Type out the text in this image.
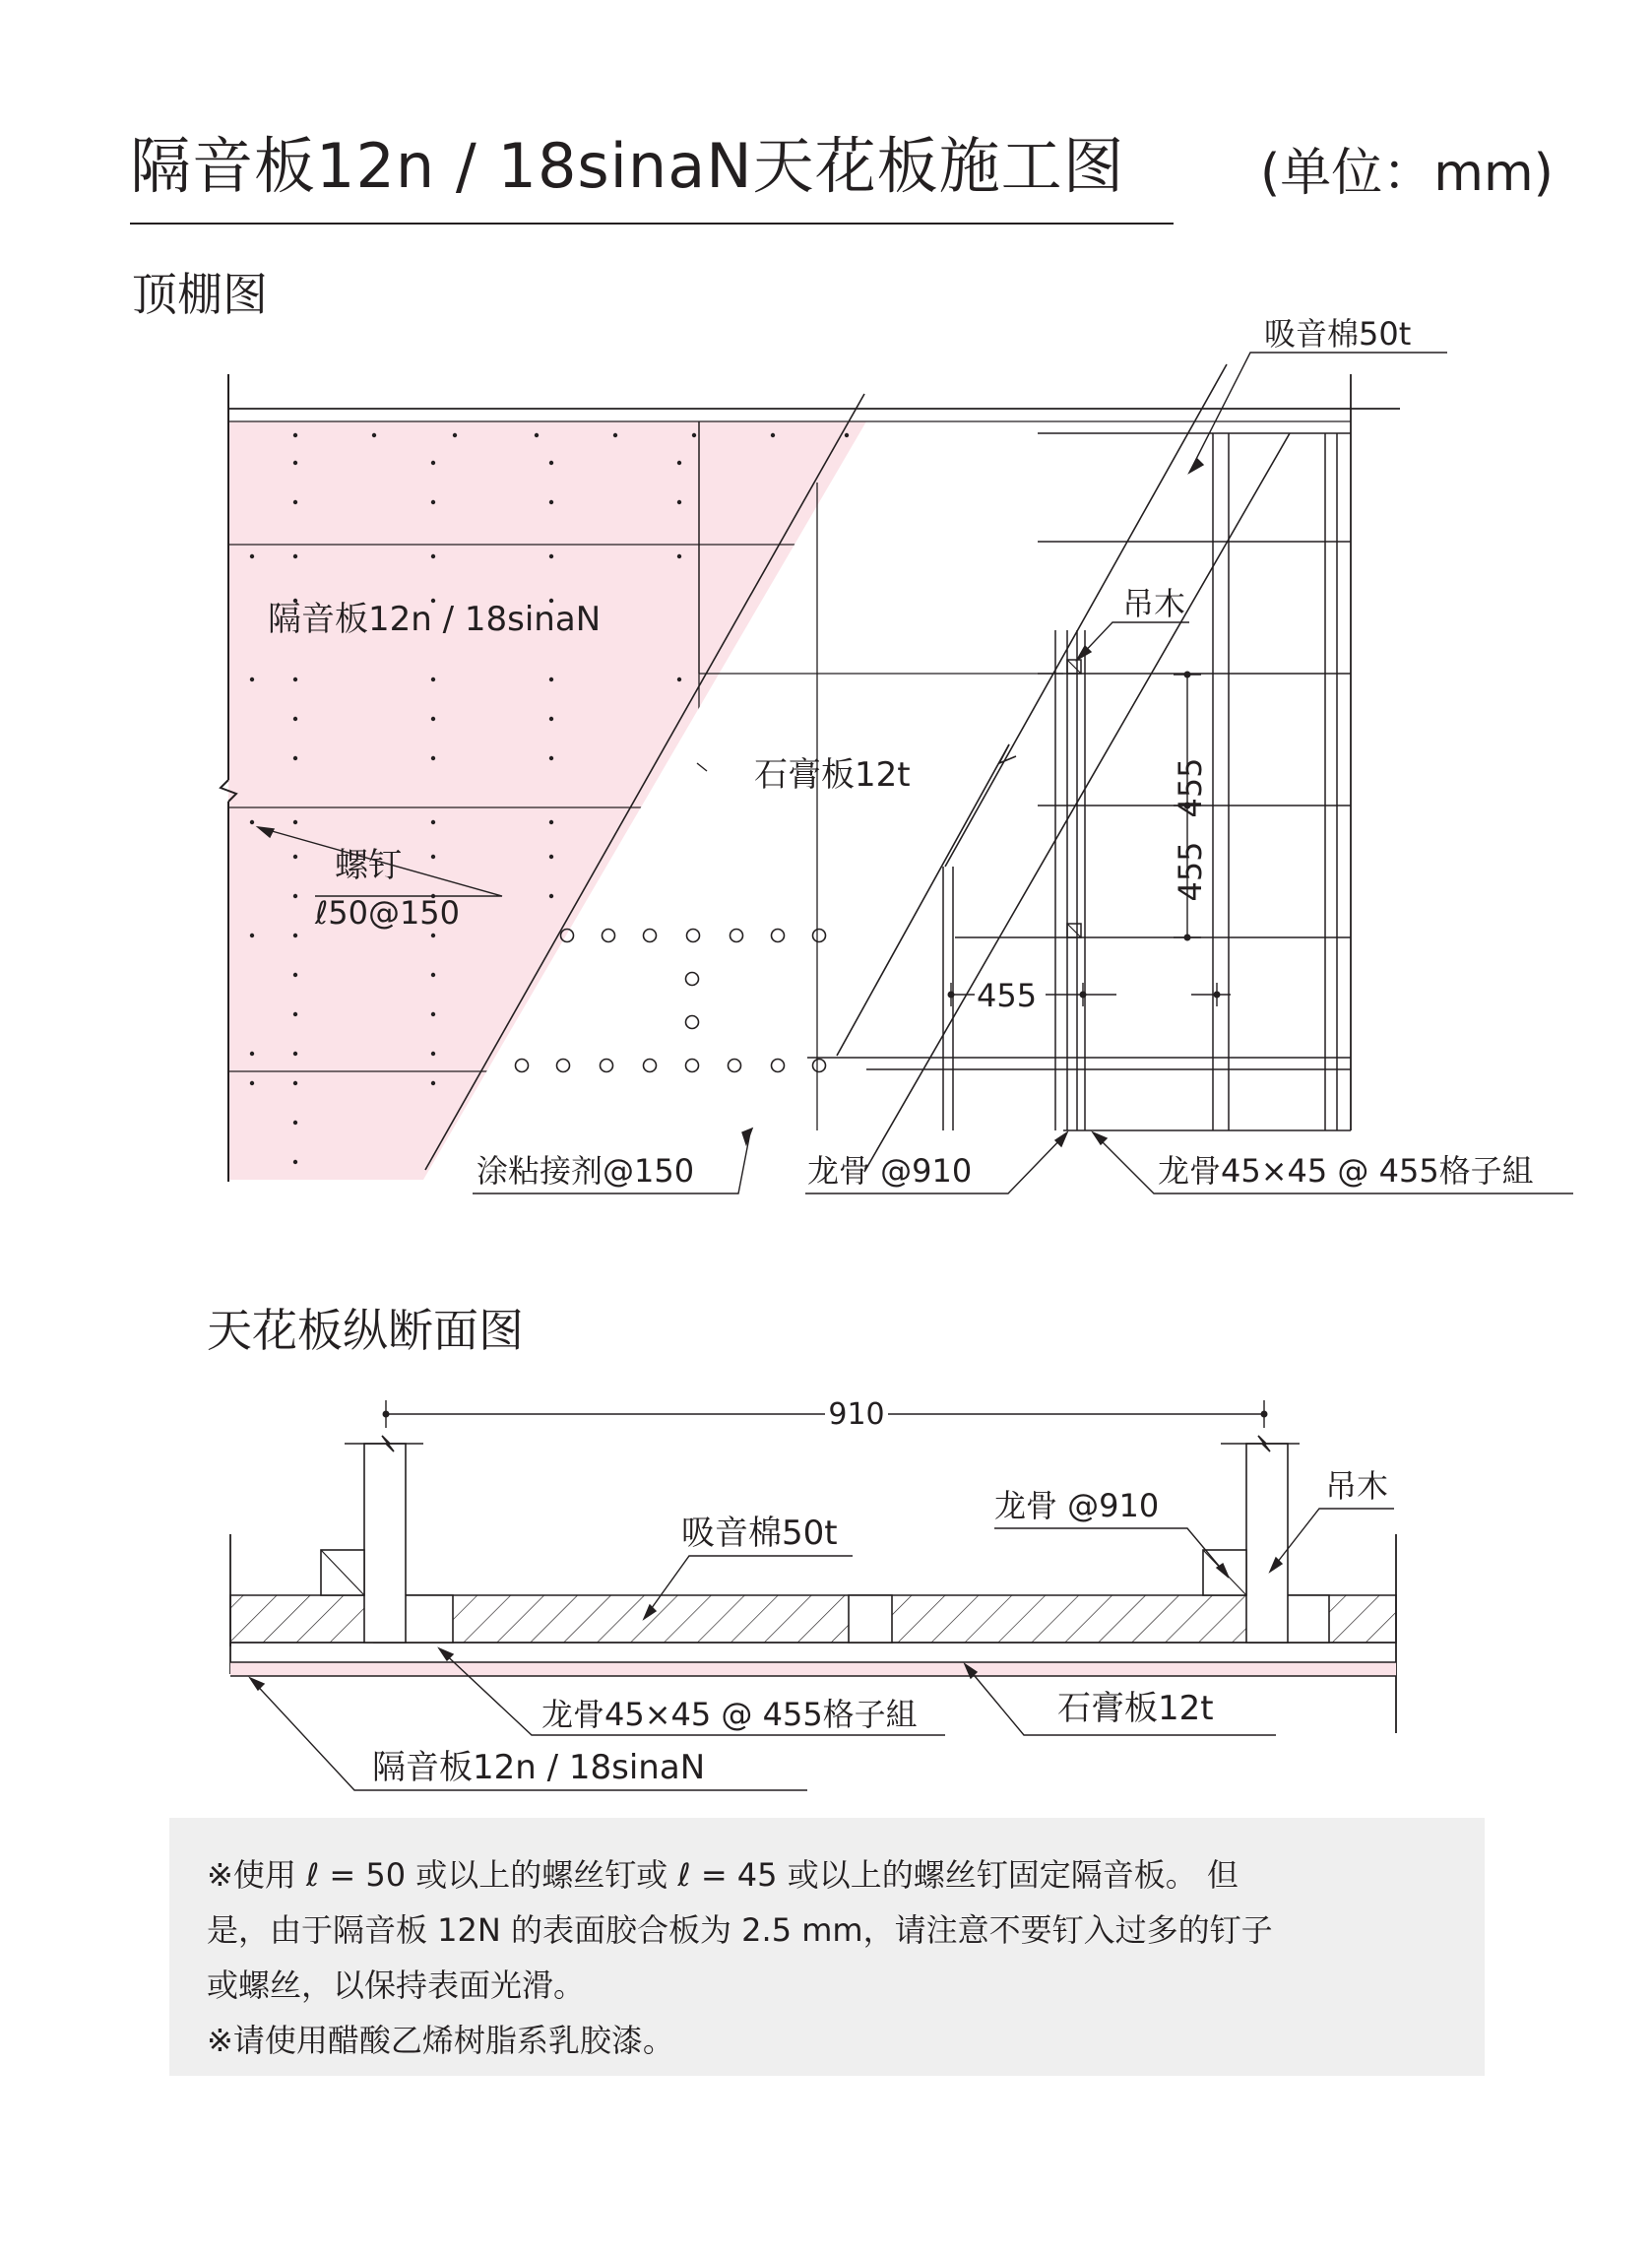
隔音板12n / 18sinaN天花板施工图	(单位：mm)
顶棚图
天花板纵断面图
吸音棉50t
吊木
隔音板12n / 18sinaN
石膏板12t
螺钉
ℓ50@150
455
455
455
涂粘接剂@150	龙骨 @910	龙骨45×45 @ 455格子組
910
吸音棉50t
龙骨 @910
吊木
龙骨45×45 @ 455格子組	石膏板12t
隔音板12n / 18sinaN
※使用 ℓ = 50 或以上的螺丝钉或 ℓ = 45 或以上的螺丝钉固定隔音板。 但
是，由于隔音板 12N 的表面胶合板为 2.5 mm，请注意不要钉入过多的钉子
或螺丝，以保持表面光滑。
※请使用醋酸乙烯树脂系乳胶漆。
